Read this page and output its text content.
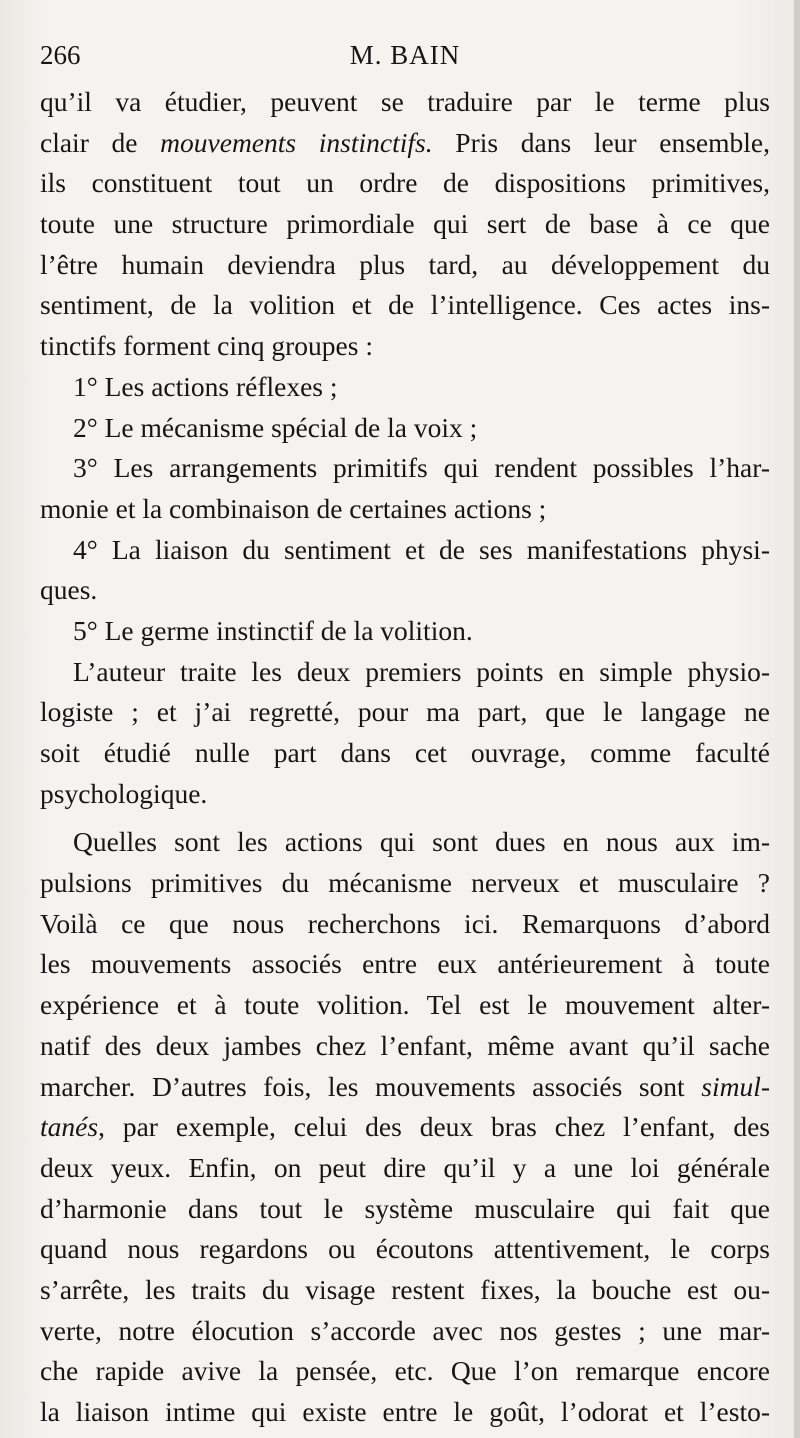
266	M. BAIN
qu’il va étudier, peuvent se traduire par le terme plus
clair de mouvements instinctifs. Pris dans leur ensemble,
ils constituent tout un ordre de dispositions primitives,
toute une structure primordiale qui sert de base à ce que
l’être humain deviendra plus tard, au développement du
sentiment, de la volition et de l’intelligence. Ces actes ins-
tinctifs forment cinq groupes :
1° Les actions réflexes ;
2° Le mécanisme spécial de la voix ;
3° Les arrangements primitifs qui rendent possibles l’har-
monie et la combinaison de certaines actions ;
4° La liaison du sentiment et de ses manifestations physi-
ques.
5° Le germe instinctif de la volition.
L’auteur traite les deux premiers points en simple physio-
logiste ; et j’ai regretté, pour ma part, que le langage ne
soit étudié nulle part dans cet ouvrage, comme faculté
psychologique.
Quelles sont les actions qui sont dues en nous aux im-
pulsions primitives du mécanisme nerveux et musculaire ?
Voilà ce que nous recherchons ici. Remarquons d’abord
les mouvements associés entre eux antérieurement à toute
expérience et à toute volition. Tel est le mouvement alter-
natif des deux jambes chez l’enfant, même avant qu’il sache
marcher. D’autres fois, les mouvements associés sont simul-
tanés, par exemple, celui des deux bras chez l’enfant, des
deux yeux. Enfin, on peut dire qu’il y a une loi générale
d’harmonie dans tout le système musculaire qui fait que
quand nous regardons ou écoutons attentivement, le corps
s’arrête, les traits du visage restent fixes, la bouche est ou-
verte, notre élocution s’accorde avec nos gestes ; une mar-
che rapide avive la pensée, etc. Que l’on remarque encore
la liaison intime qui existe entre le goût, l’odorat et l’esto-
